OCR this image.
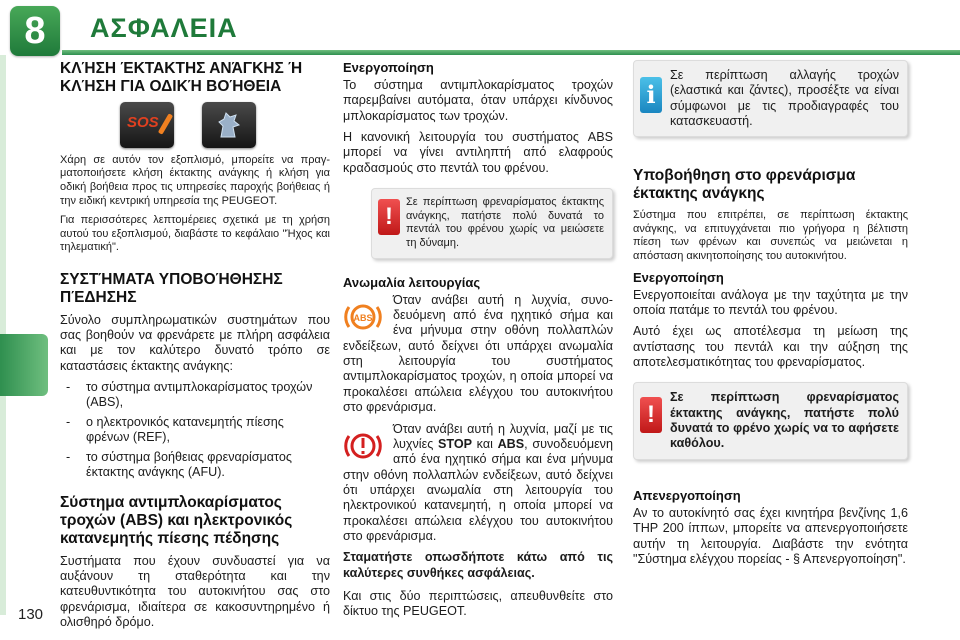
8	ΑΣΦΑΛΕΙΑ
130
ΚΛΉΣΗ ΈΚΤΑΚΤΗΣ ΑΝΆΓΚΗΣ Ή ΚΛΉΣΗ ΓΙΑ ΟΔΙΚΉ ΒΟΉΘΕΙΑ
SOS

Χάρη σε αυτόν τον εξοπλισμό, μπορείτε να πραγματοποιήσετε κλήση έκτακτης ανάγκης ή κλήση για οδική βοήθεια προς τις υπηρεσίες παροχής βοήθειας ή την ειδική κεντρική υπηρεσία της PEUGEOT.

Για περισσότερες λεπτομέρειες σχετικά με τη χρήση αυτού του εξοπλισμού, διαβάστε το κεφάλαιο "Ήχος και τηλεματική".

ΣΥΣΤΉΜΑΤΑ ΥΠΟΒΟΉΘΗΣΗΣ ΠΈΔΗΣΗΣ

Σύνολο συμπληρωματικών συστημάτων που σας βοηθούν να φρενάρετε με πλήρη ασφάλεια και με τον καλύτερο δυνατό τρόπο σε καταστάσεις έκτακτης ανάγκης:

- το σύστημα αντιμπλοκαρίσματος τροχών (ABS),
- ο ηλεκτρονικός κατανεμητής πίεσης φρένων (REF),
- το σύστημα βοήθειας φρεναρίσματος έκτακτης ανάγκης (AFU).
Σύστημα αντιμπλοκαρίσματος τροχών (ABS) και ηλεκτρονικός κατανεμητής πίεσης πέδησης

Συστήματα που έχουν συνδυαστεί για να αυξάνουν τη σταθερότητα και την κατευθυντικότητα του αυτοκινήτου σας στο φρενάρισμα, ιδιαίτερα σε κακοσυντηρημένο ή ολισθηρό δρόμο.

Ενεργοποίηση

Το σύστημα αντιμπλοκαρίσματος τροχών παρεμβαίνει αυτόματα, όταν υπάρχει κίνδυνος μπλοκαρίσματος των τροχών.

Η κανονική λειτουργία του συστήματος ABS μπορεί να γίνει αντιληπτή από ελαφρούς κραδασμούς στο πεντάλ του φρένου.

!

Σε περίπτωση φρεναρίσματος έκτακτης ανάγκης, πατήστε πολύ δυνατά το πεντάλ του φρένου χωρίς να μειώσετε τη δύναμη.

Ανωμαλία λειτουργίας
ABS

Όταν ανάβει αυτή η λυχνία, συνοδευόμενη από ένα ηχητικό σήμα και ένα μήνυμα στην οθόνη πολλαπλών ενδείξεων, αυτό δείχνει ότι υπάρχει ανωμαλία στη λειτουργία του συστήματος αντιμπλοκαρίσματος τροχών, η οποία μπορεί να προκαλέσει απώλεια ελέγχου του αυτοκινήτου στο φρενάρισμα.

Όταν ανάβει αυτή η λυχνία, μαζί με τις λυχνίες STOP και ABS, συνοδευόμενη από ένα ηχητικό σήμα και ένα μήνυμα στην οθόνη πολλαπλών ενδείξεων, αυτό δείχνει ότι υπάρχει ανωμαλία στη λειτουργία του ηλεκτρονικού κατανεμητή, η οποία μπορεί να προκαλέσει απώλεια ελέγχου του αυτοκινήτου στο φρενάρισμα.

Σταματήστε οπωσδήποτε κάτω από τις καλύτερες συνθήκες ασφάλειας.

Και στις δύο περιπτώσεις, απευθυνθείτε στο δίκτυο της PEUGEOT.

i

Σε περίπτωση αλλαγής τροχών (ελαστικά και ζάντες), προσέξτε να είναι σύμφωνοι με τις προδιαγραφές του κατασκευαστή.

Υποβοήθηση στο φρενάρισμα έκτακτης ανάγκης

Σύστημα που επιτρέπει, σε περίπτωση έκτακτης ανάγκης, να επιτυγχάνεται πιο γρήγορα η βέλτιστη πίεση των φρένων και συνεπώς να μειώνεται η απόσταση ακινητοποίησης του αυτοκινήτου.

Ενεργοποίηση

Ενεργοποιείται ανάλογα με την ταχύτητα με την οποία πατάμε το πεντάλ του φρένου.

Αυτό έχει ως αποτέλεσμα τη μείωση της αντίστασης του πεντάλ και την αύξηση της αποτελεσματικότητας του φρεναρίσματος.

!

Σε περίπτωση φρεναρίσματος έκτακτης ανάγκης, πατήστε πολύ δυνατά το φρένο χωρίς να το αφήσετε καθόλου.

Απενεργοποίηση

Αν το αυτοκίνητό σας έχει κινητήρα βενζίνης 1,6 THP 200 ίππων, μπορείτε να απενεργοποιήσετε αυτήν τη λειτουργία. Διαβάστε την ενότητα "Σύστημα ελέγχου πορείας - § Απενεργοποίηση".
